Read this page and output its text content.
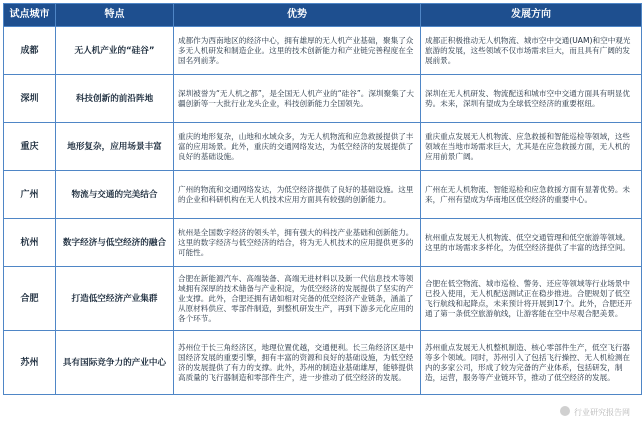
试点城市	特点	优势	发展方向
成都	无人机产业的“硅谷”	成都作为西南地区的经济中心，拥有雄厚的无人机产业基础，聚集了众多无人机研发和制造企业。这里的技术创新能力和产业链完善程度在全国名列前茅。	成都正积极推动无人机物流、城市空中交通(UAM)和空中观光旅游的发展，这些领域不仅市场需求巨大，而且具有广阔的发展前景。
深圳	科技创新的前沿阵地	深圳被誉为“无人机之都”，是全国无人机产业的“硅谷”。深圳聚集了大疆创新等一大批行业龙头企业，科技创新能力全国领先。	深圳在无人机研发、物流配送和城市空中交通方面具有明显优势。未来，深圳有望成为全球低空经济的重要枢纽。
重庆	地形复杂，应用场景丰富	重庆的地形复杂，山地和水域众多，为无人机物流和应急救援提供了丰富的应用场景。此外，重庆的交通网络发达，为低空经济的发展提供了良好的基础设施。	重庆重点发展无人机物流、应急救援和智能巡检等领域，这些领域在当地市场需求巨大，尤其是在应急救援方面，无人机的应用前景广阔。
广州	物流与交通的完美结合	广州的物流和交通网络发达，为低空经济提供了良好的基础设施。这里的企业和科研机构在无人机技术应用方面具有较强的创新能力。	广州在无人机物流、智能巡检和应急救援方面有显著优势。未来，广州有望成为华南地区低空经济的重要中心。
杭州	数字经济与低空经济的融合	杭州是全国数字经济的领头羊，拥有强大的科技产业基础和创新能力。这里的数字经济与低空经济的结合，将为无人机技术的应用提供更多的可能性。	杭州重点发展无人机物流、低空交通管理和低空旅游等领域。这里的市场需求多样化，为低空经济提供了丰富的选择空间。
合肥	打造低空经济产业集群	合肥在新能源汽车、高端装备、高端无进材料以及新一代信息技术等领域拥有深厚的技术储备与产业积淀，为低空经济的发展提供了坚实的产业支撑。此外，合肥还拥有诸如相对完备的低空经济产业链条，涵盖了从原材料供应、零部件制造，到整机研发生产，再到下游多元化应用的各个环节。	合肥在低空物流、城市巡检、警务、还应等领域等行业场景中已投入使用，无人机配送测试正在稳步推进。合肥规划了低空飞行航线和起降点，未来预计将开展到17个。此外，合肥还开通了第一条低空旅游航线，让游客能在空中尽观合肥美景。
苏州	具有国际竞争力的产业中心	苏州位于长三角经济区，地理位置优越，交通便利。长三角经济区是中国经济发展的重要引擎，拥有丰富的资源和良好的基础设施，为低空经济的发展提供了有力的支撑。此外，苏州的制造业基础雄厚，能够提供高质量的飞行器制造和零部件生产，进一步推动了低空经济的发展。	苏州重点发展无人机整机制造、核心零部件生产，低空飞行器等多个领域。同时，苏州引入了包括飞行操控、无人机检测在内的多家公司，形成了较为完备的产业体系，包括研发，制造，运营，服务等产业链环节，推动了低空经济的发展。
行业研究报告网
